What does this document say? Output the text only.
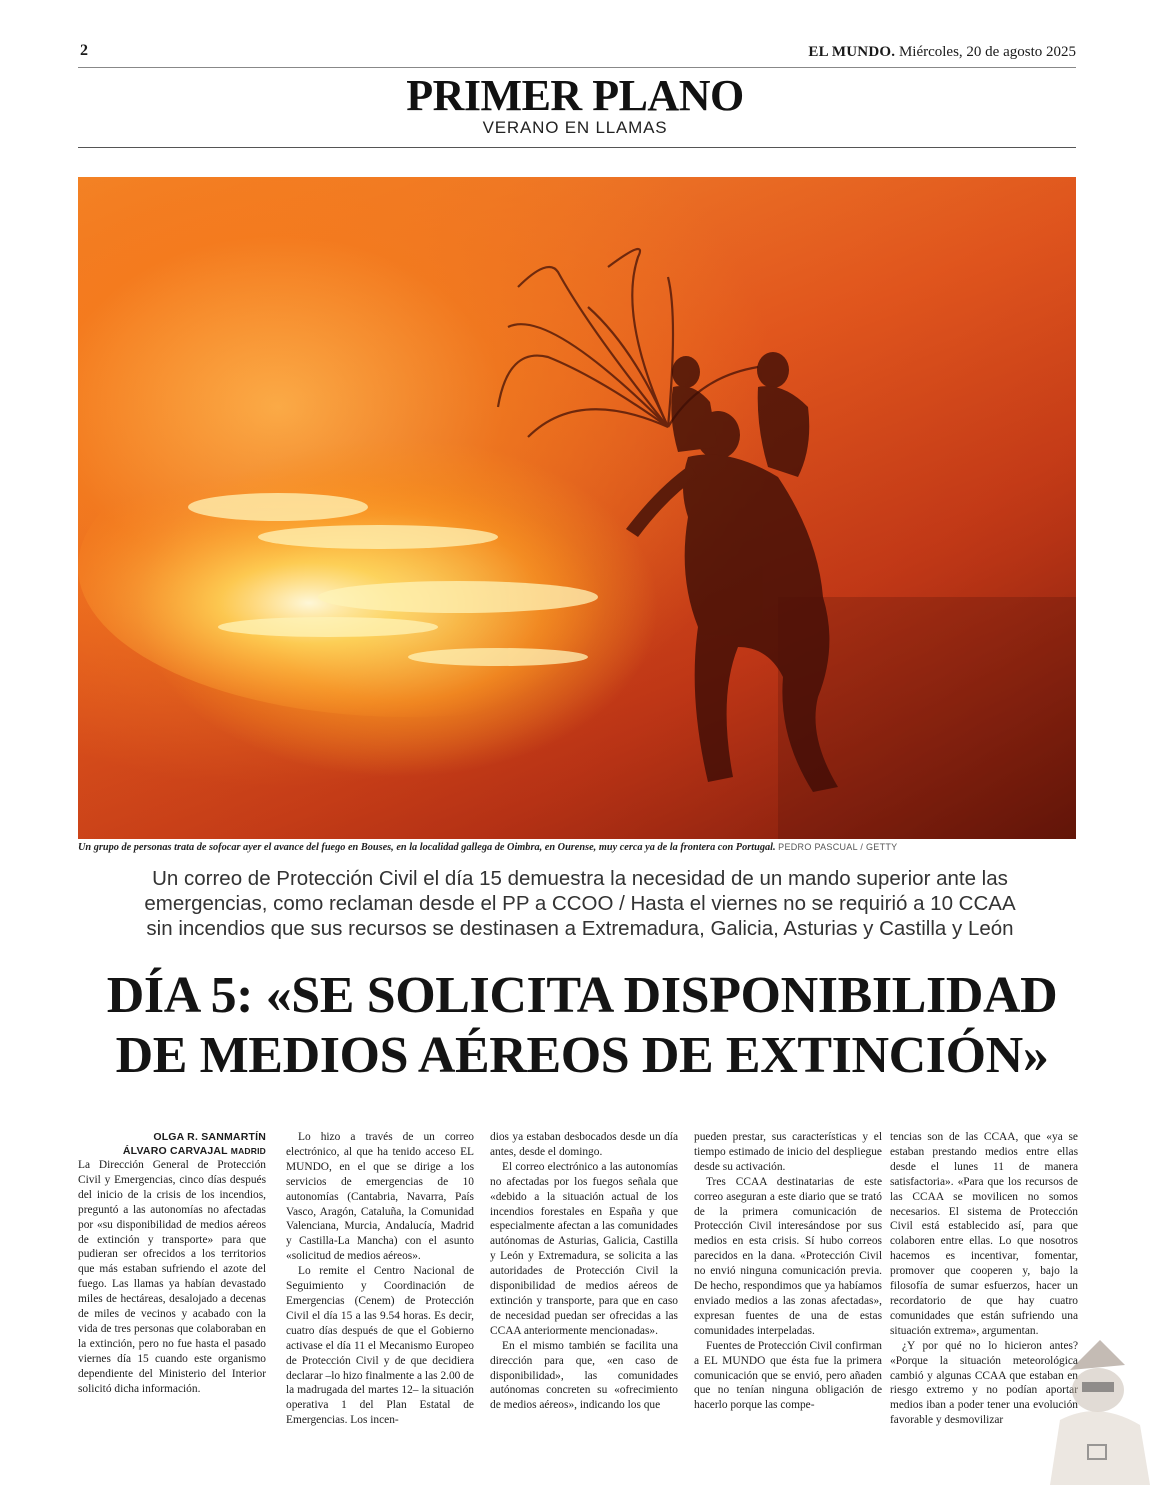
2	EL MUNDO. Miércoles, 20 de agosto 2025
PRIMER PLANO
VERANO EN LLAMAS
Un grupo de personas trata de sofocar ayer el avance del fuego en Bouses, en la localidad gallega de Oimbra, en Ourense, muy cerca ya de la frontera con Portugal. PEDRO PASCUAL / GETTY
Un correo de Protección Civil el día 15 demuestra la necesidad de un mando superior ante las
emergencias, como reclaman desde el PP a CCOO / Hasta el viernes no se requirió a 10 CCAA
sin incendios que sus recursos se destinasen a Extremadura, Galicia, Asturias y Castilla y León
DÍA 5: «SE SOLICITA DISPONIBILIDAD
DE MEDIOS AÉREOS DE EXTINCIÓN»
OLGA R. SANMARTÍN
ÁLVARO CARVAJAL MADRID

La Dirección General de Protección Civil y Emergencias, cinco días después del inicio de la crisis de los incendios, preguntó a las autonomías no afectadas por «su disponibilidad de medios aéreos de extinción y transporte» para que pudieran ser ofrecidos a los territorios que más estaban sufriendo el azote del fuego. Las llamas ya habían devastado miles de hectáreas, desalojado a decenas de miles de vecinos y acabado con la vida de tres personas que colaboraban en la extinción, pero no fue hasta el pasado viernes día 15 cuando este organismo dependiente del Ministerio del Interior solicitó dicha información.

Lo hizo a través de un correo electrónico, al que ha tenido acceso EL MUNDO, en el que se dirige a los servicios de emergencias de 10 autonomías (Cantabria, Navarra, País Vasco, Aragón, Cataluña, la Comunidad Valenciana, Murcia, Andalucía, Madrid y Castilla-La Mancha) con el asunto «solicitud de medios aéreos».

Lo remite el Centro Nacional de Seguimiento y Coordinación de Emergencias (Cenem) de Protección Civil el día 15 a las 9.54 horas. Es decir, cuatro días después de que el Gobierno activase el día 11 el Mecanismo Europeo de Protección Civil y de que decidiera declarar –lo hizo finalmente a las 2.00 de la madrugada del martes 12– la situación operativa 1 del Plan Estatal de Emergencias. Los incen-

dios ya estaban desbocados desde un día antes, desde el domingo.

El correo electrónico a las autonomías no afectadas por los fuegos señala que «debido a la situación actual de los incendios forestales en España y que especialmente afectan a las comunidades autónomas de Asturias, Galicia, Castilla y León y Extremadura, se solicita a las autoridades de Protección Civil la disponibilidad de medios aéreos de extinción y transporte, para que en caso de necesidad puedan ser ofrecidas a las CCAA anteriormente mencionadas».

En el mismo también se facilita una dirección para que, «en caso de disponibilidad», las comunidades autónomas concreten su «ofrecimiento de medios aéreos», indicando los que

pueden prestar, sus características y el tiempo estimado de inicio del despliegue desde su activación.

Tres CCAA destinatarias de este correo aseguran a este diario que se trató de la primera comunicación de Protección Civil interesándose por sus medios en esta crisis. Sí hubo correos parecidos en la dana. «Protección Civil no envió ninguna comunicación previa. De hecho, respondimos que ya habíamos enviado medios a las zonas afectadas», expresan fuentes de una de estas comunidades interpeladas.

Fuentes de Protección Civil confirman a EL MUNDO que ésta fue la primera comunicación que se envió, pero añaden que no tenían ninguna obligación de hacerlo porque las compe-

tencias son de las CCAA, que «ya se estaban prestando medios entre ellas desde el lunes 11 de manera satisfactoria». «Para que los recursos de las CCAA se movilicen no somos necesarios. El sistema de Protección Civil está establecido así, para que colaboren entre ellas. Lo que nosotros hacemos es incentivar, fomentar, promover que cooperen y, bajo la filosofía de sumar esfuerzos, hacer un recordatorio de que hay cuatro comunidades que están sufriendo una situación extrema», argumentan.

¿Y por qué no lo hicieron antes? «Porque la situación meteorológica cambió y algunas CCAA que estaban en riesgo extremo y no podían aportar medios iban a poder tener una evolución favorable y desmovilizar
